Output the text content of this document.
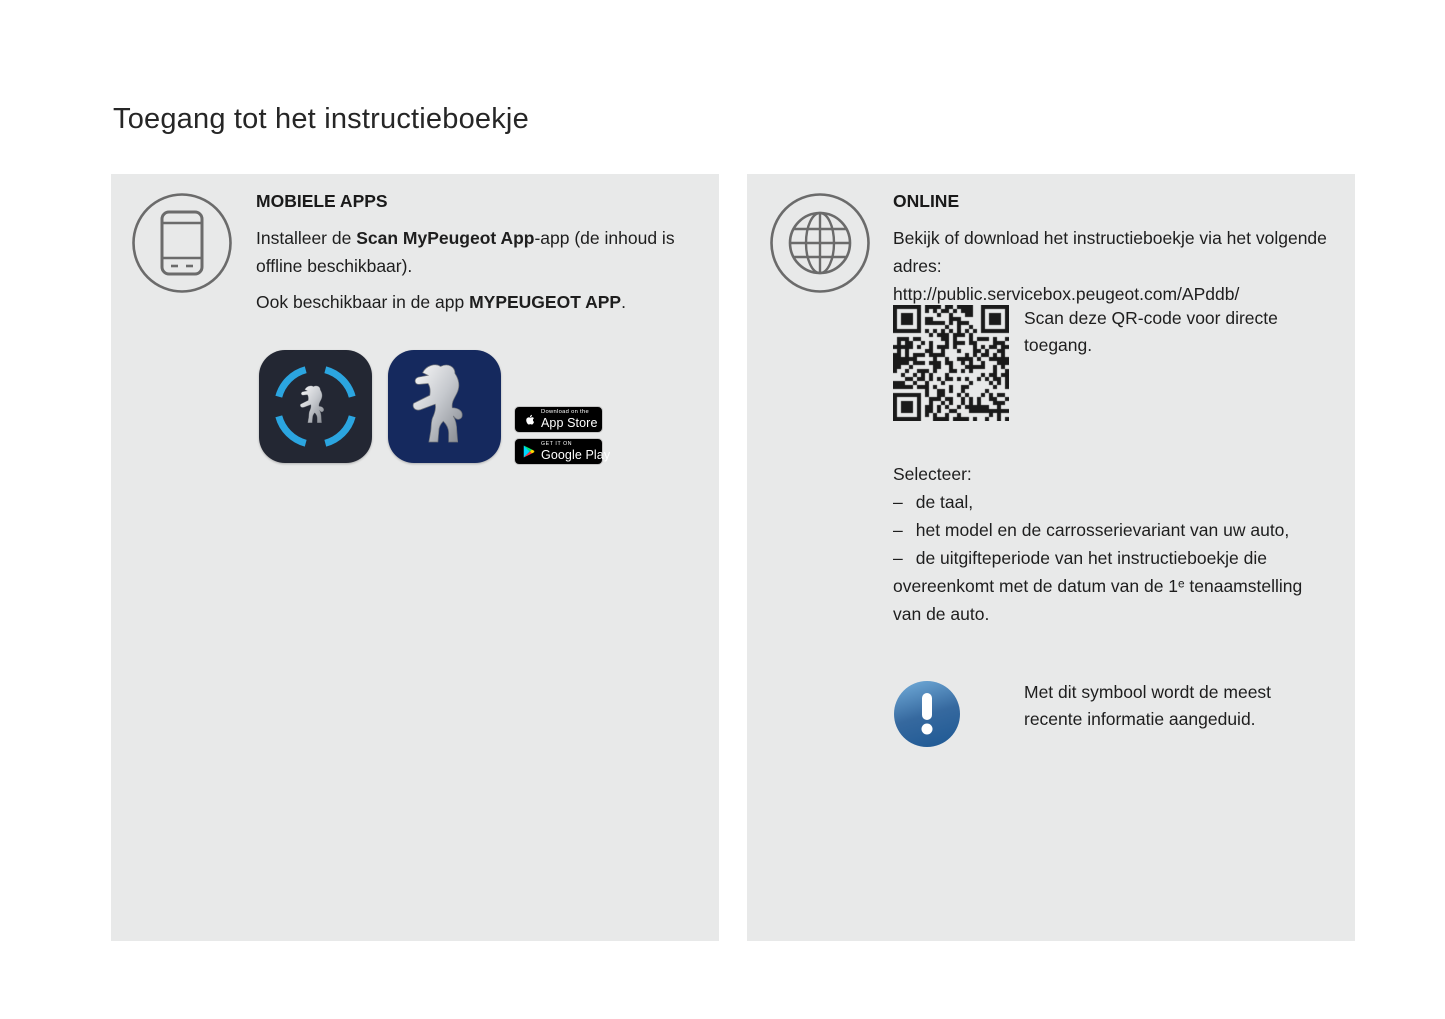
Toegang tot het instructieboekje
MOBIELE APPS

Installeer de Scan MyPeugeot App-app (de inhoud is offline beschikbaar).

Ook beschikbaar in de app MYPEUGEOT APP.

Download on the
App Store
GET IT ON
Google Play
ONLINE

Bekijk of download het instructieboekje via het volgende adres:

http://public.servicebox.peugeot.com/APddb/

Scan deze QR-code voor directe toegang.

Selecteer:

– de taal,

– het model en de carrosserievariant van uw auto,

– de uitgifteperiode van het instructieboekje die overeenkomt met de datum van de 1ᵉ tenaamstelling van de auto.

Met dit symbool wordt de meest recente informatie aangeduid.
